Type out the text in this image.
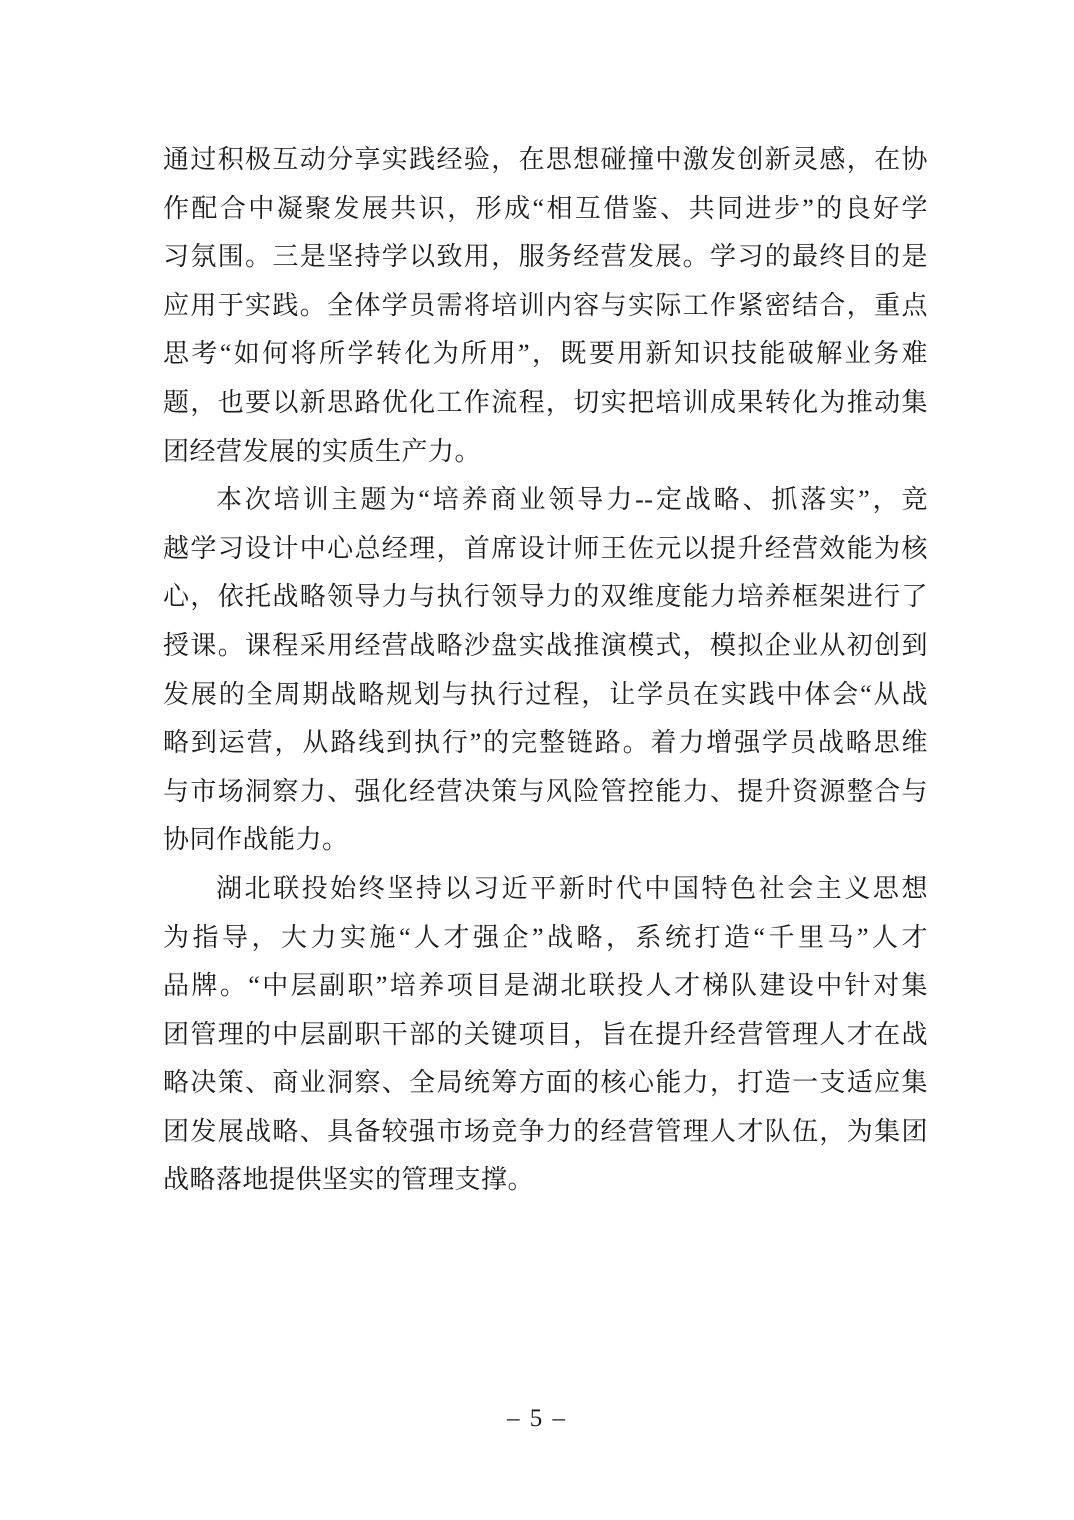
通过积极互动分享实践经验，在思想碰撞中激发创新灵感，在协
作配合中凝聚发展共识，形成“相互借鉴、共同进步”的良好学
习氛围。三是坚持学以致用，服务经营发展。学习的最终目的是
应用于实践。全体学员需将培训内容与实际工作紧密结合，重点
思考“如何将所学转化为所用”，既要用新知识技能破解业务难
题，也要以新思路优化工作流程，切实把培训成果转化为推动集
团经营发展的实质生产力。
本次培训主题为“培养商业领导力--定战略、抓落实”，竞
越学习设计中心总经理，首席设计师王佐元以提升经营效能为核
心，依托战略领导力与执行领导力的双维度能力培养框架进行了
授课。课程采用经营战略沙盘实战推演模式，模拟企业从初创到
发展的全周期战略规划与执行过程，让学员在实践中体会“从战
略到运营，从路线到执行”的完整链路。着力增强学员战略思维
与市场洞察力、强化经营决策与风险管控能力、提升资源整合与
协同作战能力。
湖北联投始终坚持以习近平新时代中国特色社会主义思想
为指导，大力实施“人才强企”战略，系统打造“千里马”人才
品牌。“中层副职”培养项目是湖北联投人才梯队建设中针对集
团管理的中层副职干部的关键项目，旨在提升经营管理人才在战
略决策、商业洞察、全局统筹方面的核心能力，打造一支适应集
团发展战略、具备较强市场竞争力的经营管理人才队伍，为集团
战略落地提供坚实的管理支撑。
– 5 –
